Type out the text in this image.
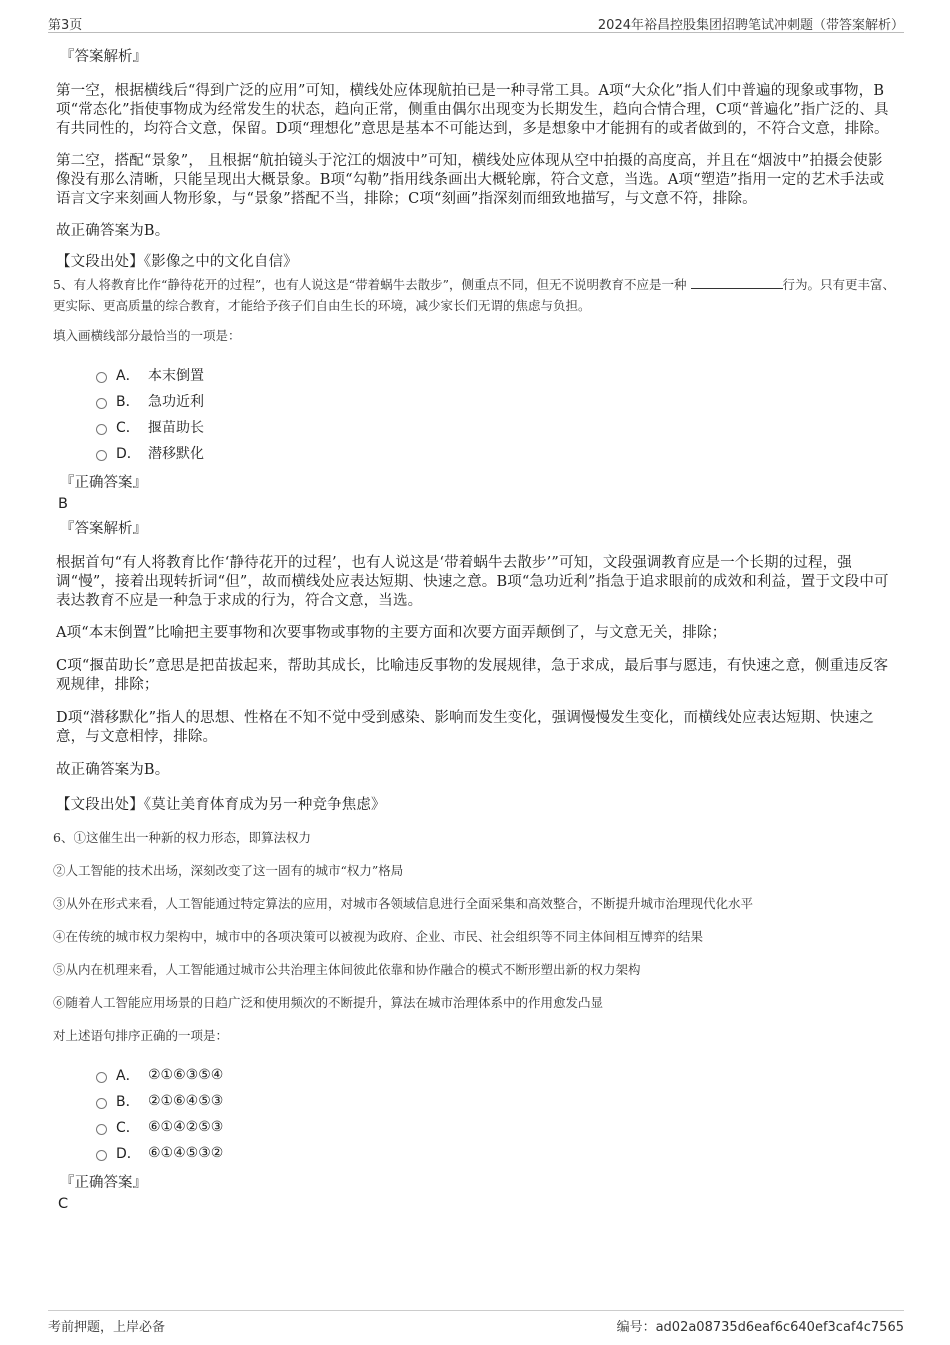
第3页	2024年裕昌控股集团招聘笔试冲刺题（带答案解析）
『答案解析』

第一空，根据横线后“得到广泛的应用”可知，横线处应体现航拍已是一种寻常工具。A项“大众化”指人们中普遍的现象或事物，B项“常态化”指使事物成为经常发生的状态，趋向正常，侧重由偶尔出现变为长期发生，趋向合情合理，C项“普遍化”指广泛的、具有共同性的，均符合文意，保留。D项“理想化”意思是基本不可能达到，多是想象中才能拥有的或者做到的，不符合文意，排除。

第二空，搭配“景象”， 且根据“航拍镜头于沱江的烟波中”可知，横线处应体现从空中拍摄的高度高，并且在“烟波中”拍摄会使影像没有那么清晰，只能呈现出大概景象。B项“勾勒”指用线条画出大概轮廓，符合文意，当选。A项“塑造”指用一定的艺术手法或语言文字来刻画人物形象，与“景象”搭配不当，排除；C项“刻画”指深刻而细致地描写，与文意不符，排除。

故正确答案为B。

【文段出处】《影像之中的文化自信》

5、有人将教育比作“静待花开的过程”，也有人说这是“带着蜗牛去散步”，侧重点不同，但无不说明教育不应是一种	行为。只有更丰富、更实际、更高质量的综合教育，才能给予孩子们自由生长的环境，减少家长们无谓的焦虑与负担。

填入画横线部分最恰当的一项是：

A． 本末倒置
B． 急功近利
C． 揠苗助长
D． 潜移默化
『正确答案』
B
『答案解析』

根据首句“有人将教育比作‘静待花开的过程’，也有人说这是‘带着蜗牛去散步’”可知，文段强调教育应是一个长期的过程，强调“慢”，接着出现转折词“但”，故而横线处应表达短期、快速之意。B项“急功近利”指急于追求眼前的成效和利益，置于文段中可表达教育不应是一种急于求成的行为，符合文意，当选。

A项“本末倒置”比喻把主要事物和次要事物或事物的主要方面和次要方面弄颠倒了，与文意无关，排除；

C项“揠苗助长”意思是把苗拔起来，帮助其成长，比喻违反事物的发展规律，急于求成，最后事与愿违，有快速之意，侧重违反客观规律，排除；

D项“潜移默化”指人的思想、性格在不知不觉中受到感染、影响而发生变化，强调慢慢发生变化，而横线处应表达短期、快速之意，与文意相悖，排除。

故正确答案为B。

【文段出处】《莫让美育体育成为另一种竞争焦虑》

6、①这催生出一种新的权力形态，即算法权力

②人工智能的技术出场，深刻改变了这一固有的城市“权力”格局

③从外在形式来看，人工智能通过特定算法的应用，对城市各领域信息进行全面采集和高效整合，不断提升城市治理现代化水平

④在传统的城市权力架构中，城市中的各项决策可以被视为政府、企业、市民、社会组织等不同主体间相互博弈的结果

⑤从内在机理来看，人工智能通过城市公共治理主体间彼此依靠和协作融合的模式不断形塑出新的权力架构

⑥随着人工智能应用场景的日趋广泛和使用频次的不断提升，算法在城市治理体系中的作用愈发凸显

对上述语句排序正确的一项是：

A． ②①⑥③⑤④
B． ②①⑥④⑤③
C． ⑥①④②⑤③
D． ⑥①④⑤③②
『正确答案』
C
考前押题，上岸必备	编号：ad02a08735d6eaf6c640ef3caf4c7565
